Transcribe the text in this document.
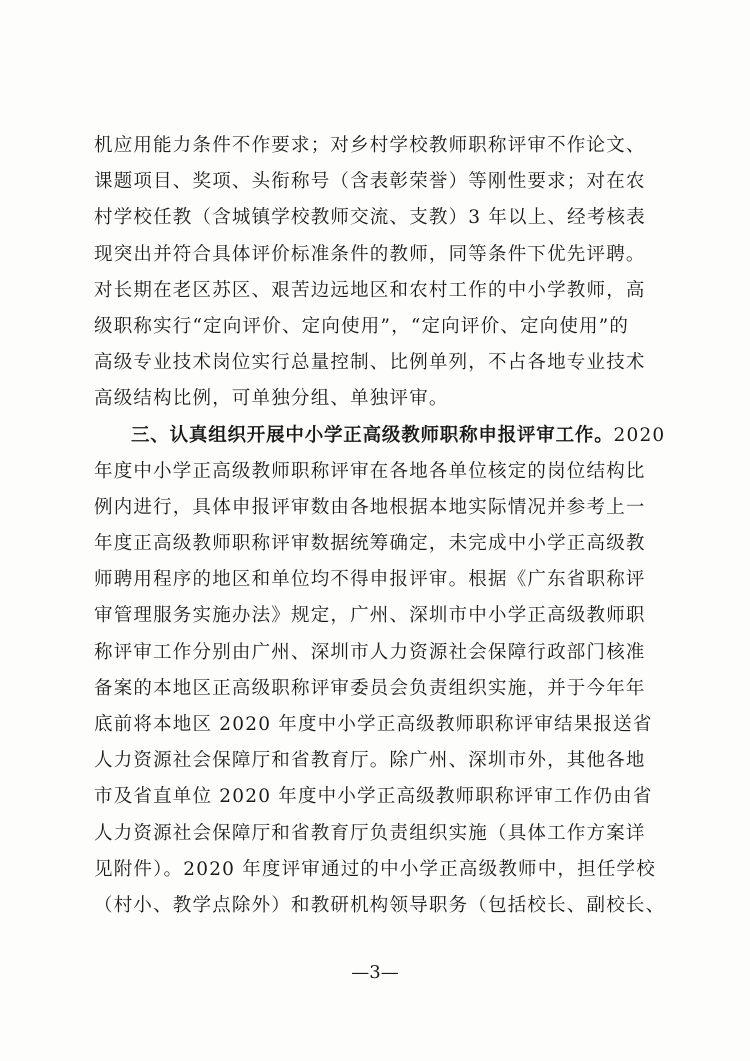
机应用能力条件不作要求；对乡村学校教师职称评审不作论文、
课题项目、奖项、头衔称号（含表彰荣誉）等刚性要求；对在农
村学校任教（含城镇学校教师交流、支教）3 年以上、经考核表
现突出并符合具体评价标准条件的教师，同等条件下优先评聘。
对长期在老区苏区、艰苦边远地区和农村工作的中小学教师，高
级职称实行“定向评价、定向使用”，“定向评价、定向使用”的
高级专业技术岗位实行总量控制、比例单列，不占各地专业技术
高级结构比例，可单独分组、单独评审。
三、认真组织开展中小学正高级教师职称申报评审工作。2020
年度中小学正高级教师职称评审在各地各单位核定的岗位结构比
例内进行，具体申报评审数由各地根据本地实际情况并参考上一
年度正高级教师职称评审数据统筹确定，未完成中小学正高级教
师聘用程序的地区和单位均不得申报评审。根据《广东省职称评
审管理服务实施办法》规定，广州、深圳市中小学正高级教师职
称评审工作分别由广州、深圳市人力资源社会保障行政部门核准
备案的本地区正高级职称评审委员会负责组织实施，并于今年年
底前将本地区 2020 年度中小学正高级教师职称评审结果报送省
人力资源社会保障厅和省教育厅。除广州、深圳市外，其他各地
市及省直单位 2020 年度中小学正高级教师职称评审工作仍由省
人力资源社会保障厅和省教育厅负责组织实施（具体工作方案详
见附件）。2020 年度评审通过的中小学正高级教师中，担任学校
（村小、教学点除外）和教研机构领导职务（包括校长、副校长、
—3—
